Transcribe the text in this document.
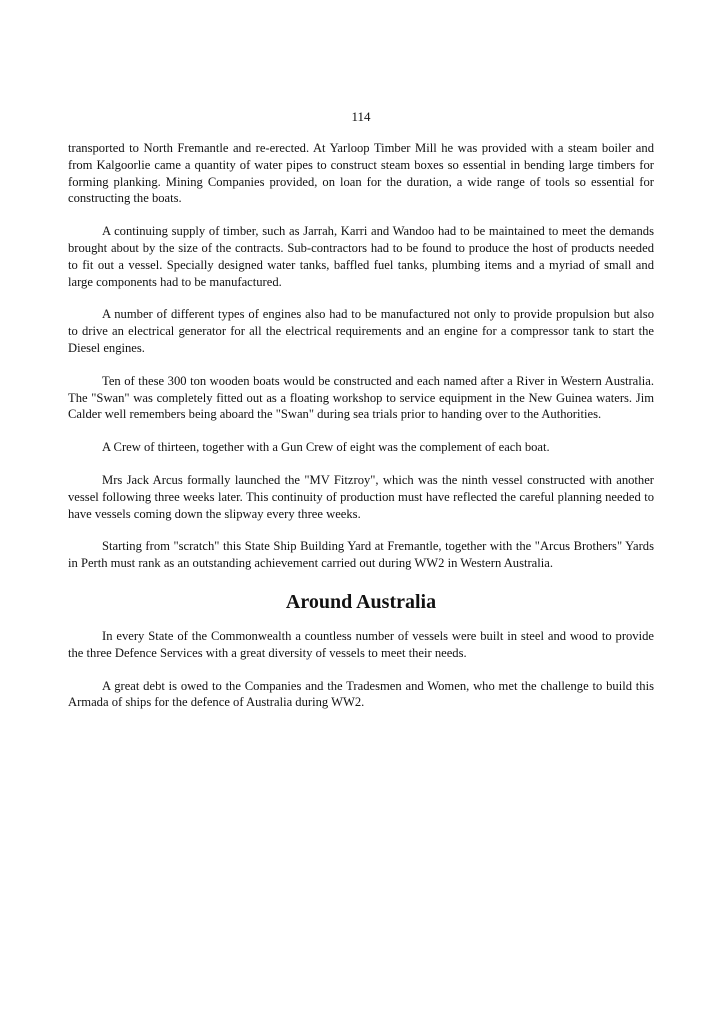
114

transported to North Fremantle and re-erected. At Yarloop Timber Mill he was provided with a steam boiler and from Kalgoorlie came a quantity of water pipes to construct steam boxes so essential in bending large timbers for forming planking. Mining Companies provided, on loan for the duration, a wide range of tools so essential for constructing the boats.

A continuing supply of timber, such as Jarrah, Karri and Wandoo had to be maintained to meet the demands brought about by the size of the contracts. Sub-contractors had to be found to produce the host of products needed to fit out a vessel. Specially designed water tanks, baffled fuel tanks, plumbing items and a myriad of small and large components had to be manufactured.

A number of different types of engines also had to be manufactured not only to provide propulsion but also to drive an electrical generator for all the electrical requirements and an engine for a compressor tank to start the Diesel engines.

Ten of these 300 ton wooden boats would be constructed and each named after a River in Western Australia. The "Swan" was completely fitted out as a floating workshop to service equipment in the New Guinea waters. Jim Calder well remembers being aboard the "Swan" during sea trials prior to handing over to the Authorities.

A Crew of thirteen, together with a Gun Crew of eight was the complement of each boat.

Mrs Jack Arcus formally launched the "MV Fitzroy", which was the ninth vessel constructed with another vessel following three weeks later. This continuity of production must have reflected the careful planning needed to have vessels coming down the slipway every three weeks.

Starting from "scratch" this State Ship Building Yard at Fremantle, together with the "Arcus Brothers" Yards in Perth must rank as an outstanding achievement carried out during WW2 in Western Australia.

Around Australia

In every State of the Commonwealth a countless number of vessels were built in steel and wood to provide the three Defence Services with a great diversity of vessels to meet their needs.

A great debt is owed to the Companies and the Tradesmen and Women, who met the challenge to build this Armada of ships for the defence of Australia during WW2.
